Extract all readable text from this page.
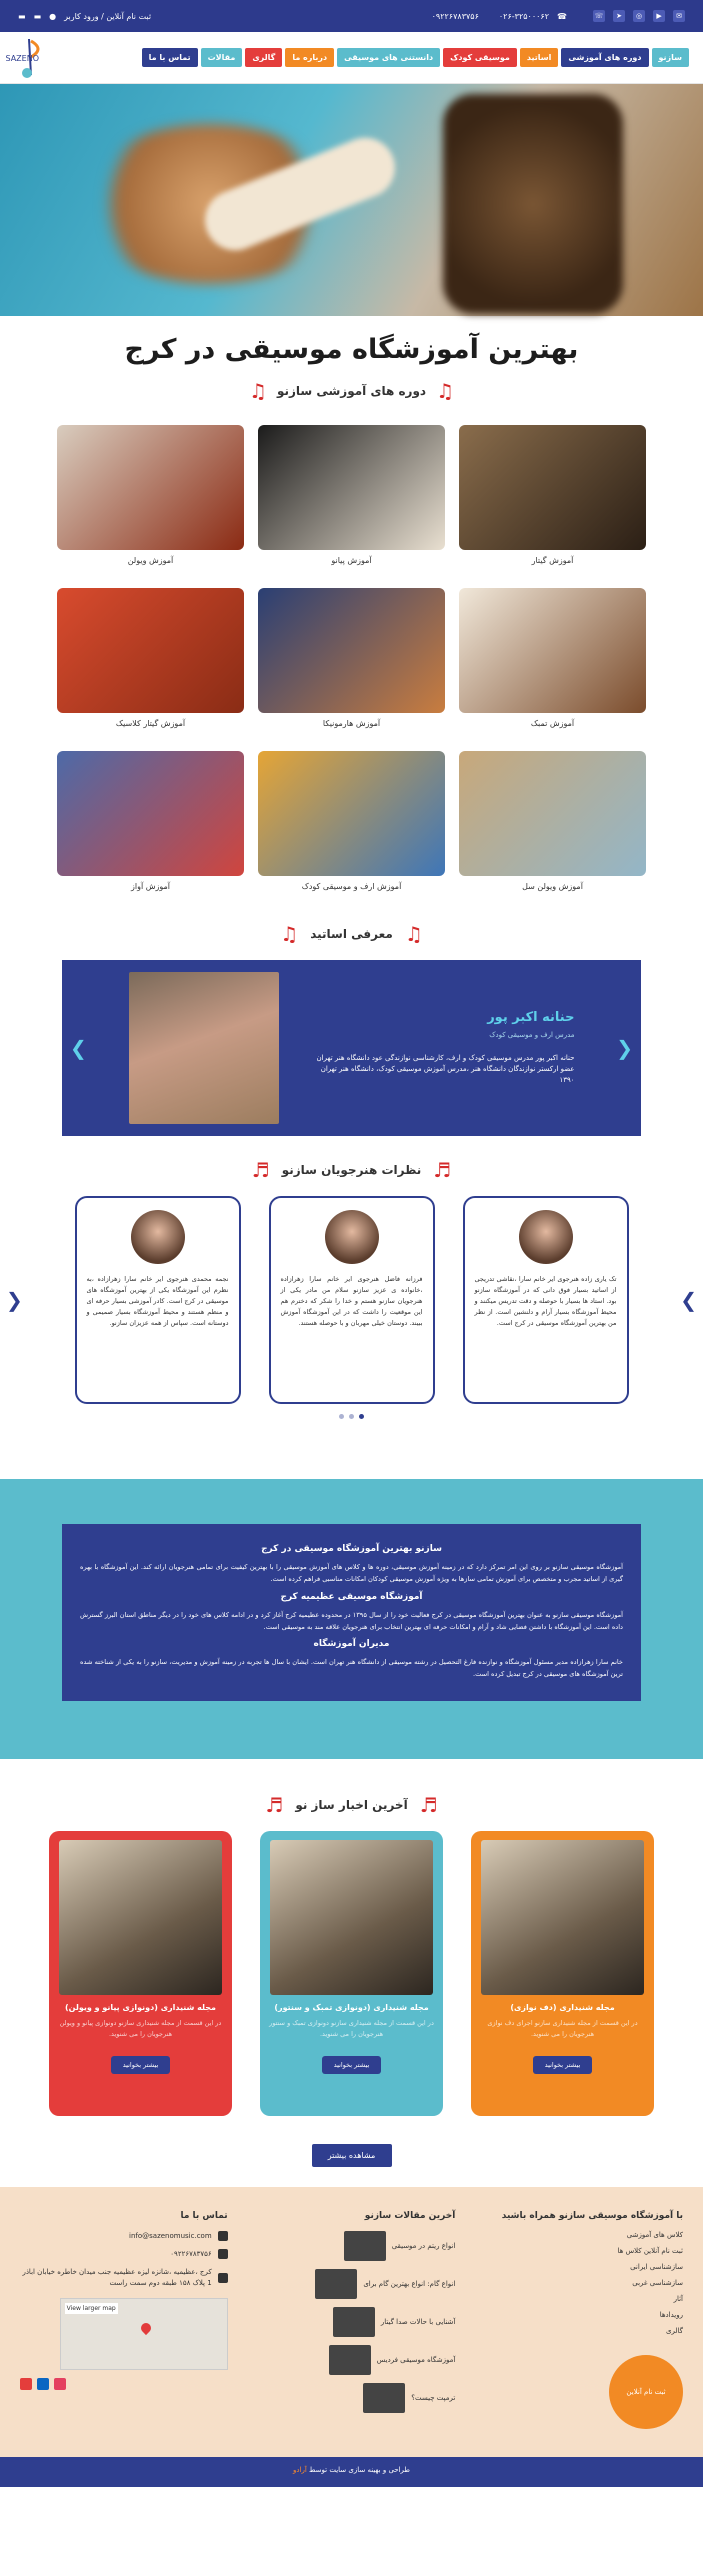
✉
▶
◎
➤
☏
☎
۰۲۶-۳۲۵۰۰۰۶۲
۰۹۲۲۶۷۸۳۷۵۶
ثبت نام آنلاین / ورود کاربر
●
▬
▬
سازنو
دوره های آموزشی
اساتید
موسیقی کودک
دانستنی های موسیقی
درباره ما
گالری
مقالات
تماس با ما
SAZENO
بهترین آموزشگاه موسیقی در کرج
♫
دوره های آموزشی سازنو
♫
آموزش گیتار
آموزش پیانو
آموزش ویولن
آموزش تمبک
آموزش هارمونیکا
آموزش گیتار کلاسیک
آموزش ویولن سل
آموزش ارف و موسیقی کودک
آموزش آواز
♫
معرفی اساتید
♫
❮
حنانه اکبر پور
مدرس ارف و موسیقی کودک
حنانه اکبر پور مدرس موسیقی کودک و ارف، کارشناسی نوازندگی عود دانشگاه هنر تهران عضو ارکستر نوازندگان دانشگاه هنر ،مدرس آموزش موسیقی کودک، دانشگاه هنر تهران ۱۳۹۰
❯
♬
نظرات هنرجویان سازنو
♬
❯

تک یاری زاده هنرجوی ایر خانم سارا ،نقاشی تدریجی از اساتید بسیار فوق دانی که در آموزشگاه سازنو بود. استاد ها بسیار با حوصله و دقت تدریس میکنند و محیط آموزشگاه بسیار آرام و دلنشین است. از نظر من بهترین آموزشگاه موسیقی در کرج است.

فرزانه فاضل هنرجوی ایر خانم سارا زهرازاده ،خانواده ی عزیز سازنو سلام من مادر یکی از هنرجویان سازنو هستم و خدا را شکر که دخترم هم این موقعیت را داشت که در این آموزشگاه آموزش ببیند. دوستان خیلی مهربان و با حوصله هستند.

نجمه محمدی هنرجوی ایر خانم سارا زهرازاده ،به نظرم این آموزشگاه یکی از بهترین آموزشگاه های موسیقی در کرج است. کادر آموزشی بسیار حرفه ای و منظم هستند و محیط آموزشگاه بسیار صمیمی و دوستانه است. سپاس از همه عزیزان سازنو.

❮
سازنو بهترین آموزشگاه موسیقی در کرج

آموزشگاه موسیقی سازنو بر روی این امر تمرکز دارد که در زمینه آموزش موسیقی، دوره ها و کلاس های آموزش موسیقی را با بهترین کیفیت برای تمامی هنرجویان ارائه کند. این آموزشگاه با بهره گیری از اساتید مجرب و متخصص برای آموزش تمامی سازها به ویژه آموزش موسیقی کودکان امکانات مناسبی فراهم کرده است.

آموزشگاه موسیقی عظیمیه کرج

آموزشگاه موسیقی سازنو به عنوان بهترین آموزشگاه موسیقی در کرج فعالیت خود را از سال ۱۳۹۵ در محدوده عظیمیه کرج آغاز کرد و در ادامه کلاس های خود را در دیگر مناطق استان البرز گسترش داده است. این آموزشگاه با داشتن فضایی شاد و آرام و امکانات حرفه ای بهترین انتخاب برای هنرجویان علاقه مند به موسیقی است.

مدیران آموزشگاه

خانم سارا زهرازاده مدیر مسئول آموزشگاه و نوازنده فارغ التحصیل در رشته موسیقی از دانشگاه هنر تهران است. ایشان با سال ها تجربه در زمینه آموزش و مدیریت، سازنو را به یکی از شناخته شده ترین آموزشگاه های موسیقی در کرج تبدیل کرده است.

♬
آخرین اخبار ساز نو
♬
مجله شنیداری (دف نوازی)
در این قسمت از مجله شنیداری سازنو اجرای دف نوازی هنرجویان را می شنوید.
بیشتر بخوانید
مجله شنیداری (دونوازی تمبک و سنتور)
در این قسمت از مجله شنیداری سازنو دونوازی تمبک و سنتور هنرجویان را می شنوید.
بیشتر بخوانید
مجله شنیداری (دونوازی پیانو و ویولن)
در این قسمت از مجله شنیداری سازنو دونوازی پیانو و ویولن هنرجویان را می شنوید.
بیشتر بخوانید
مشاهده بیشتر
با آموزشگاه موسیقی سازنو همراه باشید
کلاس های آموزشی
ثبت نام آنلاین کلاس ها
سازشناسی ایرانی
سازشناسی غربی
آثار
رویدادها
گالری
ثبت نام آنلاین
آخرین مقالات سازنو
انواع ریتم در موسیقی
انواع گام: انواع بهترین گام برای
آشنایی با حالات صدا گیتار
آموزشگاه موسیقی فردیس
ترمپت چیست؟
تماس با ما
info@sazenomusic.com
۰۹۲۲۶۷۸۳۷۵۶
کرج ،عظیمیه ،شانزه لیزه عظیمیه جنب میدان خاطره خیابان اباذر 1 پلاک ۱۵۸ طبقه دوم سمت راست
View larger map
طراحی و بهینه سازی سایت توسط آرادو
